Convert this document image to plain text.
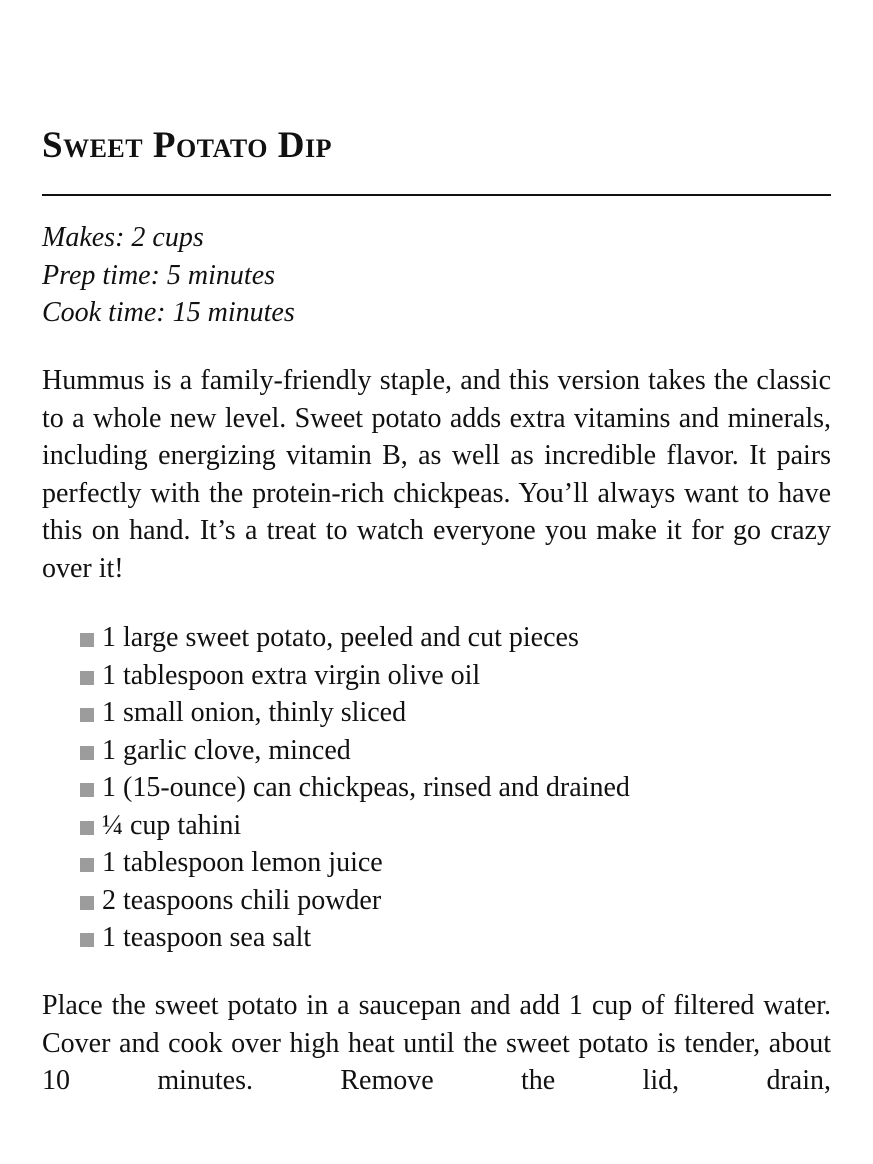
Sweet Potato Dip
Makes: 2 cups
Prep time: 5 minutes
Cook time: 15 minutes

Hummus is a family-friendly staple, and this version takes the classic to a whole new level. Sweet potato adds extra vitamins and minerals, including energizing vitamin B, as well as incredible flavor. It pairs perfectly with the protein-rich chickpeas. You’ll always want to have this on hand. It’s a treat to watch everyone you make it for go crazy over it!

1 large sweet potato, peeled and cut pieces
1 tablespoon extra virgin olive oil
1 small onion, thinly sliced
1 garlic clove, minced
1 (15-ounce) can chickpeas, rinsed and drained
¼ cup tahini
1 tablespoon lemon juice
2 teaspoons chili powder
1 teaspoon sea salt

Place the sweet potato in a saucepan and add 1 cup of filtered water. Cover and cook over high heat until the sweet potato is tender, about 10 minutes. Remove the lid, drain,
